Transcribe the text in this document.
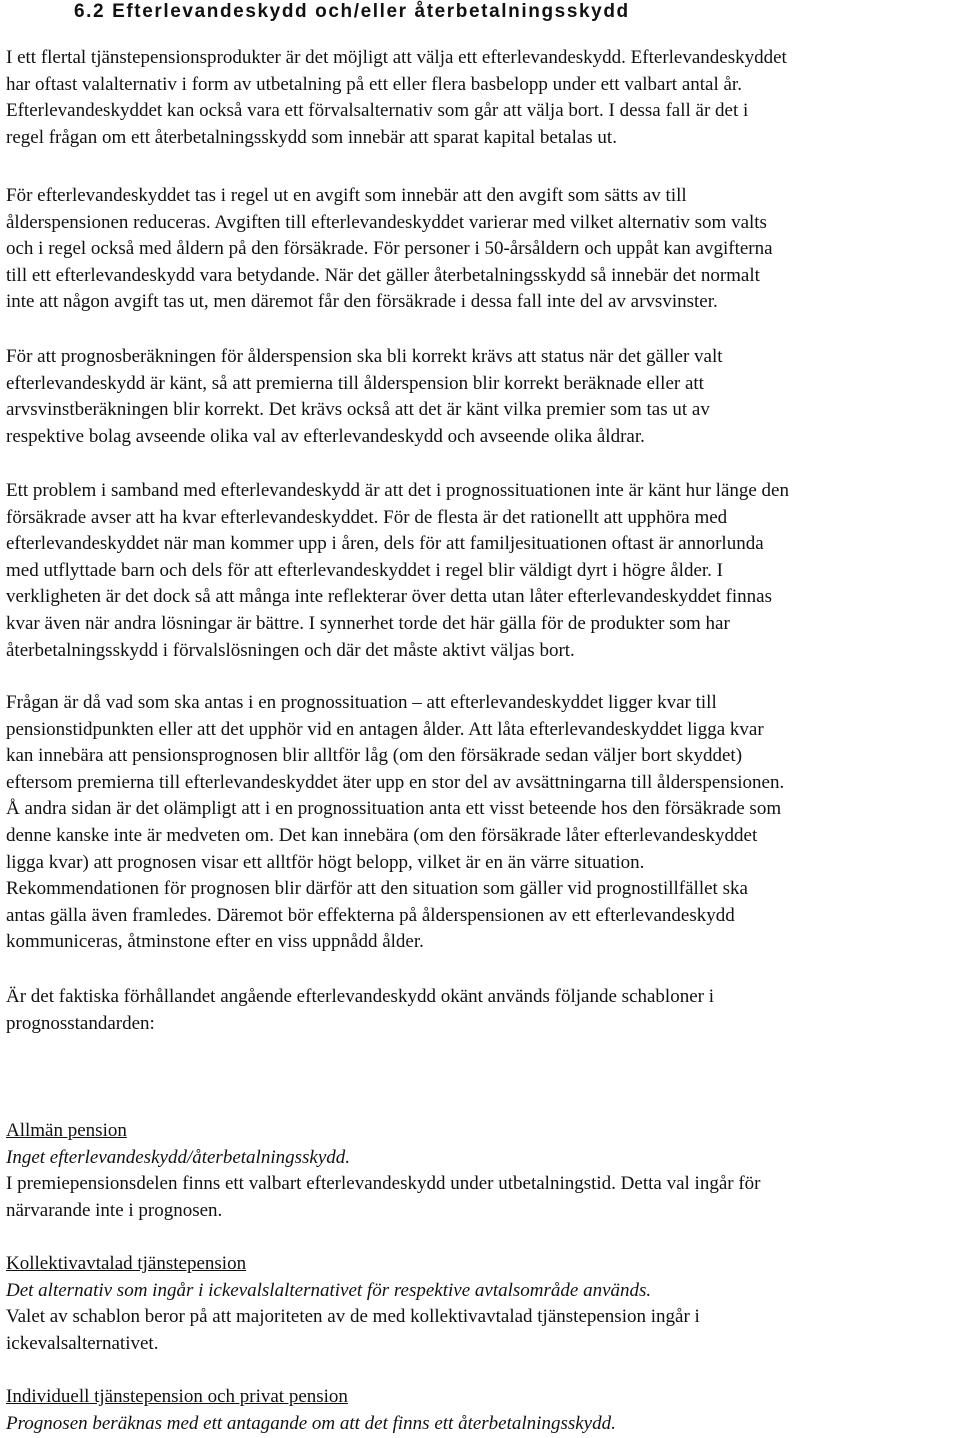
6.2 Efterlevandeskydd och/eller återbetalningsskydd

I ett flertal tjänstepensionsprodukter är det möjligt att välja ett efterlevandeskydd. Efterlevandeskyddet
har oftast valalternativ i form av utbetalning på ett eller flera basbelopp under ett valbart antal år.
Efterlevandeskyddet kan också vara ett förvalsalternativ som går att välja bort. I dessa fall är det i
regel frågan om ett återbetalningsskydd som innebär att sparat kapital betalas ut.

För efterlevandeskyddet tas i regel ut en avgift som innebär att den avgift som sätts av till
ålderspensionen reduceras. Avgiften till efterlevandeskyddet varierar med vilket alternativ som valts
och i regel också med åldern på den försäkrade. För personer i 50-årsåldern och uppåt kan avgifterna
till ett efterlevandeskydd vara betydande. När det gäller återbetalningsskydd så innebär det normalt
inte att någon avgift tas ut, men däremot får den försäkrade i dessa fall inte del av arvsvinster.

För att prognosberäkningen för ålderspension ska bli korrekt krävs att status när det gäller valt
efterlevandeskydd är känt, så att premierna till ålderspension blir korrekt beräknade eller att
arvsvinstberäkningen blir korrekt. Det krävs också att det är känt vilka premier som tas ut av
respektive bolag avseende olika val av efterlevandeskydd och avseende olika åldrar.

Ett problem i samband med efterlevandeskydd är att det i prognossituationen inte är känt hur länge den
försäkrade avser att ha kvar efterlevandeskyddet. För de flesta är det rationellt att upphöra med
efterlevandeskyddet när man kommer upp i åren, dels för att familjesituationen oftast är annorlunda
med utflyttade barn och dels för att efterlevandeskyddet i regel blir väldigt dyrt i högre ålder. I
verkligheten är det dock så att många inte reflekterar över detta utan låter efterlevandeskyddet finnas
kvar även när andra lösningar är bättre. I synnerhet torde det här gälla för de produkter som har
återbetalningsskydd i förvalslösningen och där det måste aktivt väljas bort.

Frågan är då vad som ska antas i en prognossituation – att efterlevandeskyddet ligger kvar till
pensionstidpunkten eller att det upphör vid en antagen ålder. Att låta efterlevandeskyddet ligga kvar
kan innebära att pensionsprognosen blir alltför låg (om den försäkrade sedan väljer bort skyddet)
eftersom premierna till efterlevandeskyddet äter upp en stor del av avsättningarna till ålderspensionen.
Å andra sidan är det olämpligt att i en prognossituation anta ett visst beteende hos den försäkrade som
denne kanske inte är medveten om. Det kan innebära (om den försäkrade låter efterlevandeskyddet
ligga kvar) att prognosen visar ett alltför högt belopp, vilket är en än värre situation.
Rekommendationen för prognosen blir därför att den situation som gäller vid prognostillfället ska
antas gälla även framledes. Däremot bör effekterna på ålderspensionen av ett efterlevandeskydd
kommuniceras, åtminstone efter en viss uppnådd ålder.

Är det faktiska förhållandet angående efterlevandeskydd okänt används följande schabloner i
prognosstandarden:

Allmän pension
Inget efterlevandeskydd/återbetalningsskydd.
I premiepensionsdelen finns ett valbart efterlevandeskydd under utbetalningstid. Detta val ingår för
närvarande inte i prognosen.
Kollektivavtalad tjänstepension
Det alternativ som ingår i ickevalslalternativet för respektive avtalsområde används.
Valet av schablon beror på att majoriteten av de med kollektivavtalad tjänstepension ingår i
ickevalsalternativet.
Individuell tjänstepension och privat pension
Prognosen beräknas med ett antagande om att det finns ett återbetalningsskydd.
